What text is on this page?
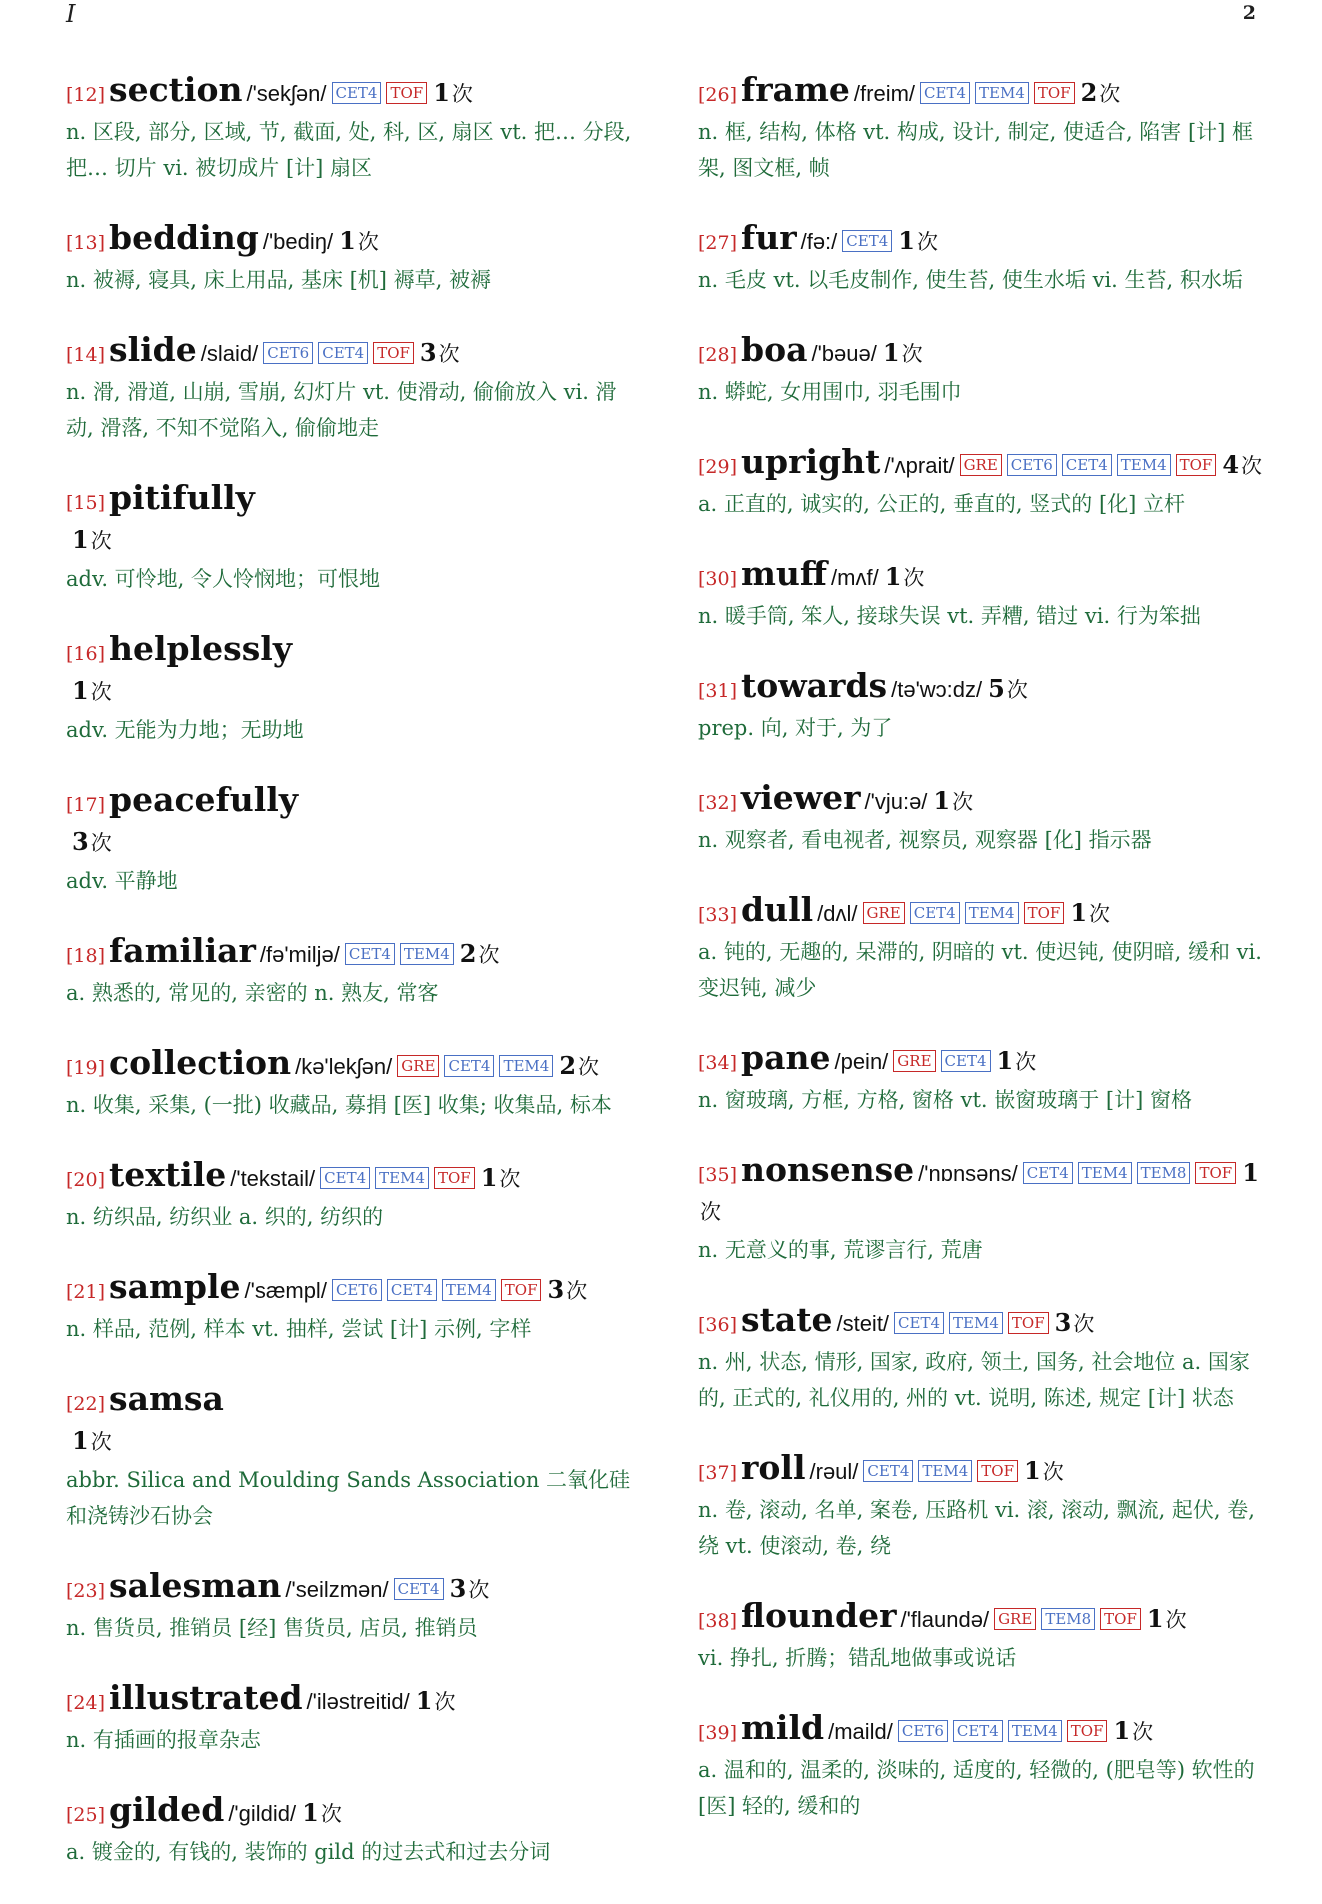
I	2
[12] section /'sekʃən/ CET4 TOF 1次
n. 区段, 部分, 区域, 节, 截面, 处, 科, 区, 扇区 vt. 把… 分段, 把… 切片 vi. 被切成片 [计] 扇区
[13] bedding /'bediŋ/ 1次
n. 被褥, 寝具, 床上用品, 基床 [机] 褥草, 被褥
[14] slide /slaid/ CET6 CET4 TOF 3次
n. 滑, 滑道, 山崩, 雪崩, 幻灯片 vt. 使滑动, 偷偷放入 vi. 滑动, 滑落, 不知不觉陷入, 偷偷地走
[15] pitifully
1次
adv. 可怜地, 令人怜悯地；可恨地
[16] helplessly
1次
adv. 无能为力地；无助地
[17] peacefully
3次
adv. 平静地
[18] familiar /fə'miljə/ CET4 TEM4 2次
a. 熟悉的, 常见的, 亲密的 n. 熟友, 常客
[19] collection /kə'lekʃən/ GRE CET4 TEM4 2次
n. 收集, 采集, (一批) 收藏品, 募捐 [医] 收集; 收集品, 标本
[20] textile /'tekstail/ CET4 TEM4 TOF 1次
n. 纺织品, 纺织业 a. 织的, 纺织的
[21] sample /'sæmpl/ CET6 CET4 TEM4 TOF 3次
n. 样品, 范例, 样本 vt. 抽样, 尝试 [计] 示例, 字样
[22] samsa
1次
abbr. Silica and Moulding Sands Association 二氧化硅和浇铸沙石协会
[23] salesman /'seilzmən/ CET4 3次
n. 售货员, 推销员 [经] 售货员, 店员, 推销员
[24] illustrated /'iləstreitid/ 1次
n. 有插画的报章杂志
[25] gilded /'gildid/ 1次
a. 镀金的, 有钱的, 装饰的 gild 的过去式和过去分词
[26] frame /freim/ CET4 TEM4 TOF 2次
n. 框, 结构, 体格 vt. 构成, 设计, 制定, 使适合, 陷害 [计] 框架, 图文框, 帧
[27] fur /fə:/ CET4 1次
n. 毛皮 vt. 以毛皮制作, 使生苔, 使生水垢 vi. 生苔, 积水垢
[28] boa /'bəuə/ 1次
n. 蟒蛇, 女用围巾, 羽毛围巾
[29] upright /'ʌprait/ GRE CET6 CET4 TEM4 TOF 4次
a. 正直的, 诚实的, 公正的, 垂直的, 竖式的 [化] 立杆
[30] muff /mʌf/ 1次
n. 暖手筒, 笨人, 接球失误 vt. 弄糟, 错过 vi. 行为笨拙
[31] towards /tə'wɔ:dz/ 5次
prep. 向, 对于, 为了
[32] viewer /'vju:ə/ 1次
n. 观察者, 看电视者, 视察员, 观察器 [化] 指示器
[33] dull /dʌl/ GRE CET4 TEM4 TOF 1次
a. 钝的, 无趣的, 呆滞的, 阴暗的 vt. 使迟钝, 使阴暗, 缓和 vi. 变迟钝, 减少
[34] pane /pein/ GRE CET4 1次
n. 窗玻璃, 方框, 方格, 窗格 vt. 嵌窗玻璃于 [计] 窗格
[35] nonsense /'nɒnsəns/ CET4 TEM4 TEM8 TOF 1次
n. 无意义的事, 荒谬言行, 荒唐
[36] state /steit/ CET4 TEM4 TOF 3次
n. 州, 状态, 情形, 国家, 政府, 领土, 国务, 社会地位 a. 国家的, 正式的, 礼仪用的, 州的 vt. 说明, 陈述, 规定 [计] 状态
[37] roll /rəul/ CET4 TEM4 TOF 1次
n. 卷, 滚动, 名单, 案卷, 压路机 vi. 滚, 滚动, 飘流, 起伏, 卷, 绕 vt. 使滚动, 卷, 绕
[38] flounder /'flaundə/ GRE TEM8 TOF 1次
vi. 挣扎, 折腾；错乱地做事或说话
[39] mild /maild/ CET6 CET4 TEM4 TOF 1次
a. 温和的, 温柔的, 淡味的, 适度的, 轻微的, (肥皂等) 软性的 [医] 轻的, 缓和的
